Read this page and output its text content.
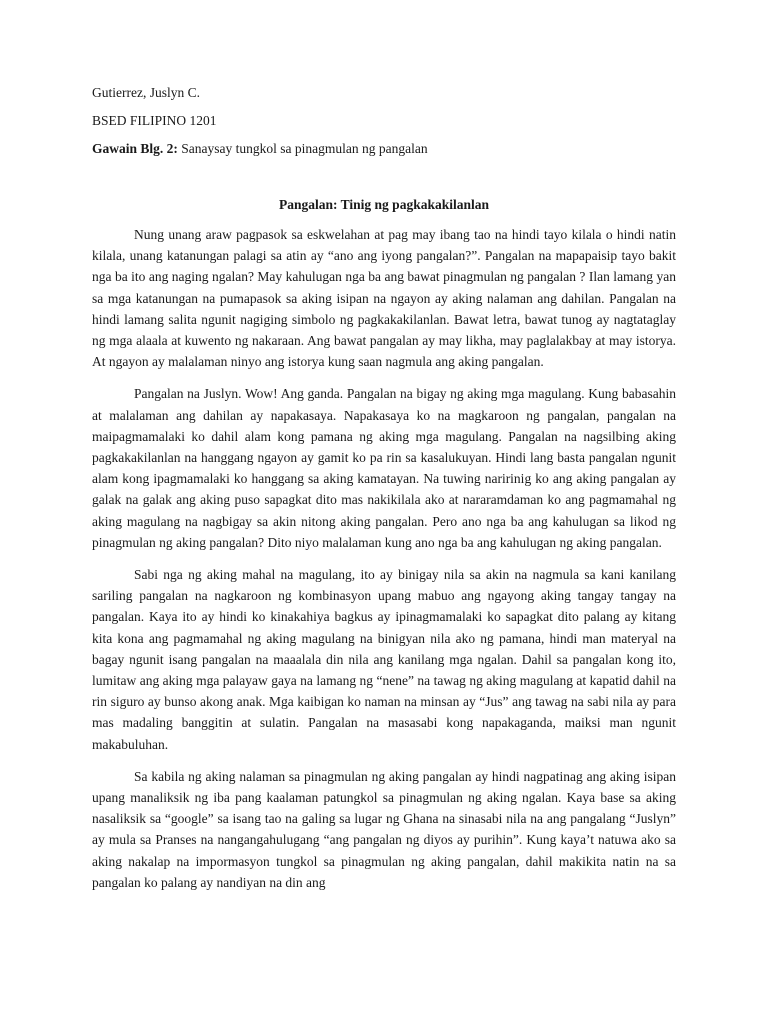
Gutierrez, Juslyn C.

BSED FILIPINO 1201

Gawain Blg. 2: Sanaysay tungkol sa pinagmulan ng pangalan

Pangalan: Tinig ng pagkakakilanlan

Nung unang araw pagpasok sa eskwelahan at pag may ibang tao na hindi tayo kilala o hindi natin kilala, unang katanungan palagi sa atin ay “ano ang iyong pangalan?”. Pangalan na mapapaisip tayo bakit nga ba ito ang naging ngalan? May kahulugan nga ba ang bawat pinagmulan ng pangalan ? Ilan lamang yan sa mga katanungan na pumapasok sa aking isipan na ngayon ay aking nalaman ang dahilan. Pangalan na hindi lamang salita ngunit nagiging simbolo ng pagkakakilanlan. Bawat letra, bawat tunog ay nagtataglay ng mga alaala at kuwento ng nakaraan. Ang bawat pangalan ay may likha, may paglalakbay at may istorya. At ngayon ay malalaman ninyo ang istorya kung saan nagmula ang aking pangalan.

Pangalan na Juslyn. Wow! Ang ganda. Pangalan na bigay ng aking mga magulang. Kung babasahin at malalaman ang dahilan ay napakasaya. Napakasaya ko na magkaroon ng pangalan, pangalan na maipagmamalaki ko dahil alam kong pamana ng aking mga magulang. Pangalan na nagsilbing aking pagkakakilanlan na hanggang ngayon ay gamit ko pa rin sa kasalukuyan. Hindi lang basta pangalan ngunit alam kong ipagmamalaki ko hanggang sa aking kamatayan. Na tuwing naririnig ko ang aking pangalan ay galak na galak ang aking puso sapagkat dito mas nakikilala ako at nararamdaman ko ang pagmamahal ng aking magulang na nagbigay sa akin nitong aking pangalan. Pero ano nga ba ang kahulugan sa likod ng pinagmulan ng aking pangalan? Dito niyo malalaman kung ano nga ba ang kahulugan ng aking pangalan.

Sabi nga ng aking mahal na magulang, ito ay binigay nila sa akin na nagmula sa kani kanilang sariling pangalan na nagkaroon ng kombinasyon upang mabuo ang ngayong aking tangay tangay na pangalan. Kaya ito ay hindi ko kinakahiya bagkus ay ipinagmamalaki ko sapagkat dito palang ay kitang kita kona ang pagmamahal ng aking magulang na binigyan nila ako ng pamana, hindi man materyal na bagay ngunit isang pangalan na maaalala din nila ang kanilang mga ngalan. Dahil sa pangalan kong ito, lumitaw ang aking mga palayaw gaya na lamang ng “nene” na tawag ng aking magulang at kapatid dahil na rin siguro ay bunso akong anak. Mga kaibigan ko naman na minsan ay “Jus” ang tawag na sabi nila ay para mas madaling banggitin at sulatin. Pangalan na masasabi kong napakaganda, maiksi man ngunit makabuluhan.

Sa kabila ng aking nalaman sa pinagmulan ng aking pangalan ay hindi nagpatinag ang aking isipan upang manaliksik ng iba pang kaalaman patungkol sa pinagmulan ng aking ngalan. Kaya base sa aking nasaliksik sa “google” sa isang tao na galing sa lugar ng Ghana na sinasabi nila na ang pangalang “Juslyn” ay mula sa Pranses na nangangahulugang “ang pangalan ng diyos ay purihin”. Kung kaya’t natuwa ako sa aking nakalap na impormasyon tungkol sa pinagmulan ng aking pangalan, dahil makikita natin na sa pangalan ko palang ay nandiyan na din ang
